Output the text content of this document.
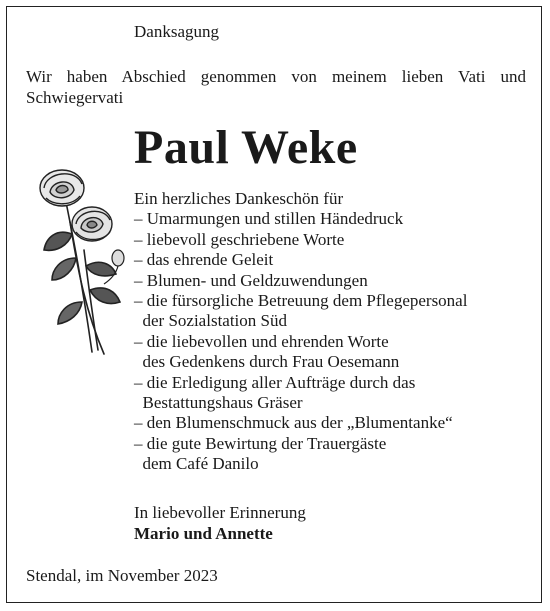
Danksagung
Wir haben Abschied genommen von meinem lieben Vati und Schwiegervati
Paul Weke
Ein herzliches Dankeschön für
– Umarmungen und stillen Händedruck
– liebevoll geschriebene Worte
– das ehrende Geleit
– Blumen- und Geldzuwendungen
– die fürsorgliche Betreuung dem Pflegepersonal
der Sozialstation Süd
– die liebevollen und ehrenden Worte
des Gedenkens durch Frau Oesemann
– die Erledigung aller Aufträge durch das
Bestattungshaus Gräser
– den Blumenschmuck aus der „Blumentanke“
– die gute Bewirtung der Trauergäste
dem Café Danilo
In liebevoller Erinnerung
Mario und Annette
Stendal, im November 2023
